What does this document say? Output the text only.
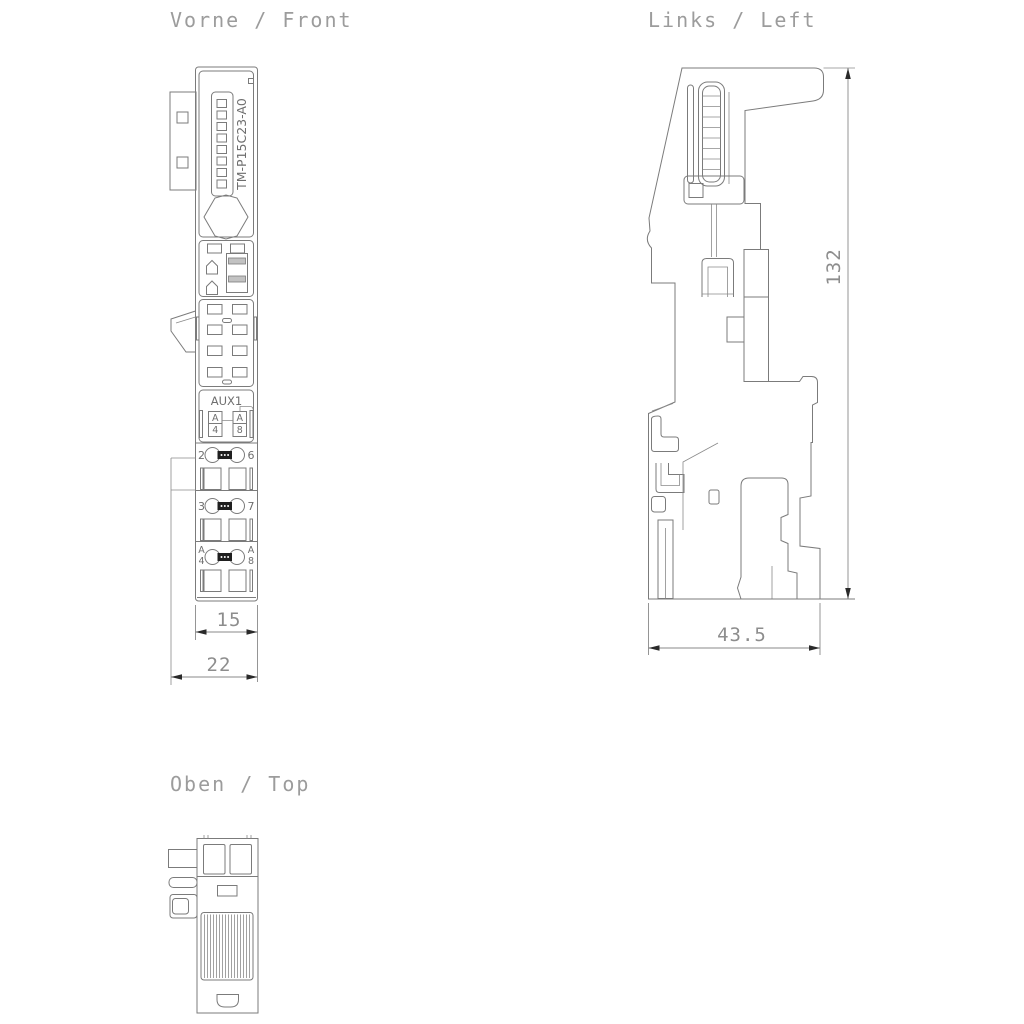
Vorne / Front	Links / Left
Oben / Top
TM-P15C23-A0
AUX1
A
4
A
8
2	6
3	7
A
4
A
8
15
22
132
43.5
